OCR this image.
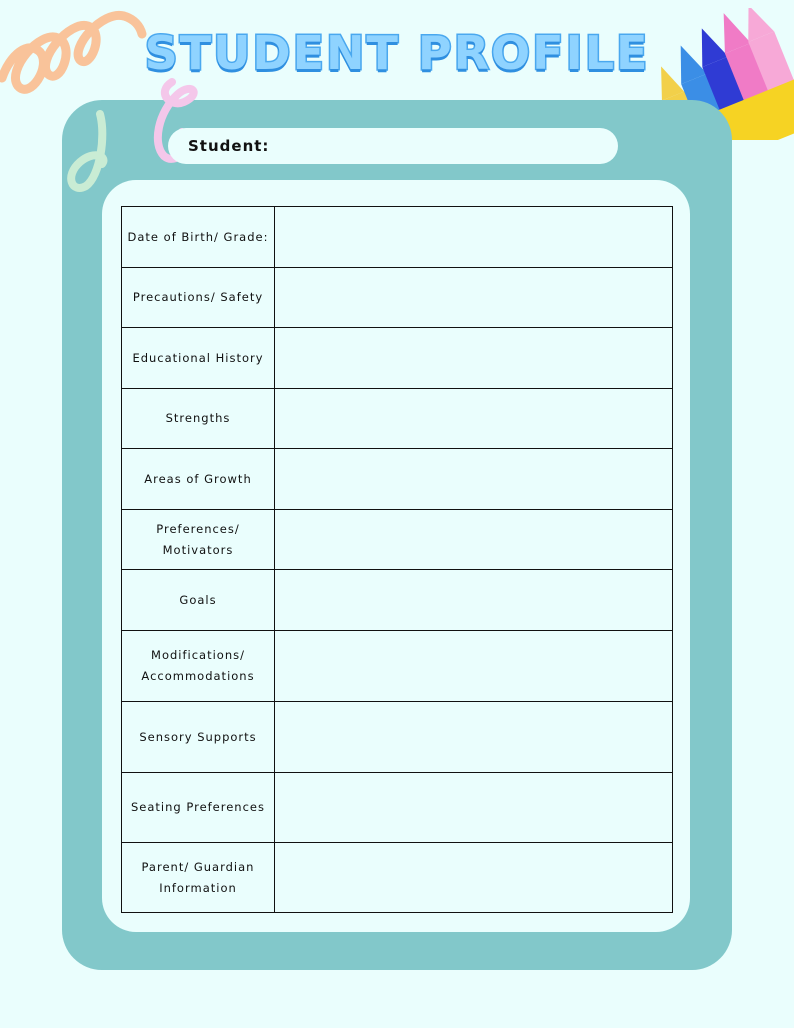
STUDENT PROFILE
Student:
Date of Birth/ Grade:	
Precautions/ Safety	
Educational History	
Strengths	
Areas of Growth	
Preferences/ Motivators	
Goals	
Modifications/ Accommodations	
Sensory Supports	
Seating Preferences	
Parent/ Guardian Information	
